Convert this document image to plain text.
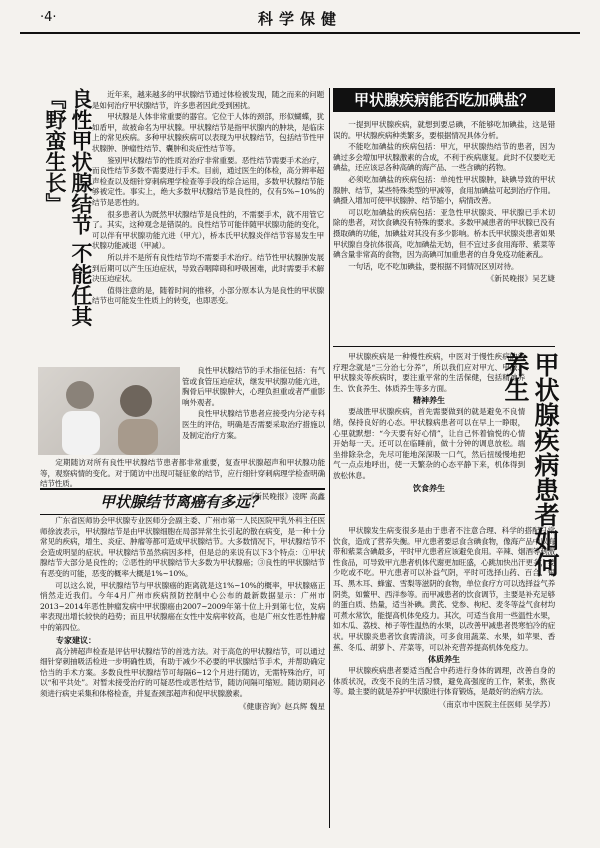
·4·	科学保健
良性甲状腺结节 不能任其『野蛮生长』	近年来，越来越多的甲状腺结节通过体检被发现，随之而来的问题是如何治疗甲状腺结节，许多患者因此受到困扰。

甲状腺是人体非常重要的器官。它位于人体的颈部，形似蝴蝶，犹如盾甲，故被命名为甲状腺。甲状腺结节是指甲状腺内的肿块，是临床上的常见疾病。多种甲状腺疾病可以表现为甲状腺结节，包括结节性甲状腺肿、肿瘤性结节、囊肿和炎症性结节等。

鉴别甲状腺结节的性质对治疗非常重要。恶性结节需要手术治疗，而良性结节多数不需要进行手术。目前，通过医生的体检，高分辨率超声检查以及细针穿刺病理学检查等手段的综合运用，多数甲状腺结节能够被定性。事实上，绝大多数甲状腺结节是良性的，仅有5%~10%的结节是恶性的。

很多患者认为既然甲状腺结节是良性的，不需要手术，就不用管它了。其实，这种观念是错误的。良性结节可能伴随甲状腺功能的变化，可以伴有甲状腺功能亢进（甲亢），桥本氏甲状腺炎伴结节容易发生甲状腺功能减退（甲减）。

所以并不是所有良性结节均不需要手术治疗。结节性甲状腺肿发展到后期可以产生压迫症状，导致吞咽障碍和呼吸困难，此时需要手术解决压迫症状。

值得注意的是，随着时间的推移，小部分原本认为是良性的甲状腺结节也可能发生性质上的转变，也即恶变。

良性甲状腺结节的手术指征包括：有气管或食管压迫症状，继发甲状腺功能亢进，胸骨后甲状腺肿大，心理负担重或者严重影响外观者。

良性甲状腺结节患者应接受内分泌专科医生的评估，明确是否需要采取治疗措施以及制定治疗方案。

定期随访对所有良性甲状腺结节患者都非常重要，复查甲状腺超声和甲状腺功能等，观察病情的变化。对于随访中出现可疑征象的结节，应行细针穿刺病理学检查明确结节性质。

《新民晚报》凌晖 高鑫

甲状腺疾病能否吃加碘盐？

一提到甲状腺疾病，就想到要忌碘，不能够吃加碘盐，这是错误的。甲状腺疾病种类繁多，要根据情况具体分析。

不能吃加碘盐的疾病包括：甲亢，甲状腺热结节的患者，因为碘过多会增加甲状腺激素的合成，不利于疾病康复。此时不仅要吃无碘盐，还应该忌各种高碘的海产品、一些含碘的药物。

必须吃加碘盐的疾病包括：单纯性甲状腺肿，缺碘导致的甲状腺肿、结节，某些特殊类型的甲减等，食用加碘盐可起到治疗作用。碘摄入增加可使甲状腺肿、结节缩小，病情改善。

可以吃加碘盐的疾病包括：亚急性甲状腺炎、甲状腺已手术切除的患者，对饮食碘没有特殊的要求。多数甲减患者的甲状腺已没有摄取碘的功能，加碘盐对其没有多少影响。桥本氏甲状腺炎患者如果甲状腺自身抗体很高，吃加碘盐无妨，但不宜过多食用海带、紫菜等碘含量非常高的食物，因为高碘可加重患者的自身免疫功能紊乱。

一句话，吃不吃加碘盐，要根据不同情况区别对待。

《新民晚报》吴艺婕

甲状腺结节离癌有多远？

广东省医师协会甲状腺专业医师分会副主委、广州市第一人民医院甲乳外科主任医师徐波表示，甲状腺结节是由甲状腺细胞在局部异常生长引起的散在病变，是一种十分常见的疾病，增生、炎症、肿瘤等都可造成甲状腺结节。大多数情况下，甲状腺结节不会造成明显的症状。甲状腺结节虽然病因多样，但是总的来说有以下3个特点：①甲状腺结节大部分是良性的；②恶性的甲状腺结节大多数为甲状腺癌；③良性的甲状腺结节有恶变的可能，恶变的概率大概是1%~10%。

可以这么说，甲状腺结节与甲状腺癌的距离就是这1%~10%的概率，甲状腺癌正悄然走近我们。今年4月广州市疾病预防控制中心公布的最新数据显示：广州市2013~2014年恶性肿瘤发病中甲状腺癌由2007~2009年第十位上升到第七位，发病率表现出增长较快的趋势；而且甲状腺癌在女性中发病率较高，也是广州女性恶性肿瘤中的第四位。

专家建议：

高分辨超声检查是评估甲状腺结节的首选方法。对于高危的甲状腺结节，可以通过细针穿刺抽吸活检进一步明确性质，有助于减少不必要的甲状腺结节手术，并帮助确定恰当的手术方案。多数良性甲状腺结节可每隔6~12个月进行随访，无需特殊治疗，可以“和平共处”。对暂未接受治疗的可疑恶性或恶性结节，随访间隔可缩短。随访期间必须进行病史采集和体格检查，并复查颈部超声和促甲状腺激素。

《健康咨询》赵兵辉 魏星

甲状腺疾病患者如何养生

甲状腺疾病是一种慢性疾病，中医对于慢性疾病的治疗理念就是“三分治七分养”，所以我们应对甲亢、甲减、甲状腺炎等疾病时，要注重平常的生活保健，包括精神养生、饮食养生、体质养生等多方面。

精神养生

要战胜甲状腺疾病，首先需要做到的就是避免不良情绪，保持良好的心态。甲状腺病患者可以在早上一睁眼，心里就默想：“今天要有好心情”，让自己怀着愉悦的心情开始每一天。还可以在临睡前，做十分钟的调息放松。端坐排除杂念，先尽可能地深深吸一口气，然后扭缓慢地把气一点点地呼出，使一天繁杂的心态平静下来，机体得到放松休息。

饮食养生

甲状腺发生病变很多是由于患者不注意合理、科学的搭配日常饮食，造成了营养失衡。甲亢患者要忌食含碘食物，像海产品中以海带和紫菜含碘最多，平时甲亢患者应该避免食用。辛辣、烟酒等刺激性食品，可导致甲亢患者机体代谢更加旺盛，心跳加快出汗更多，要少吃或不吃。甲亢患者可以补益气阴，平时可选择山药、百合、银耳、黑木耳、蜂蜜、雪梨等滋阴的食物，单位食疗方可以选择益气养阴类，如鳖甲、西洋参等。而甲减患者的饮食调节，主要是补充足够的蛋白质、热量，适当补碘。黄芪、党参、枸杞、麦冬等益气食材均可煮水常饮，能提高机体免疫力。其次，可适当食用一些温性水果，如木瓜、荔枝、柿子等性温热的水果，以改善甲减患者畏寒怕冷的症状。甲状腺炎患者饮食需清淡，可多食用蔬菜、水果，如苹果、香蕉、冬瓜、胡萝卜、芹菜等，可以补充营养提高机体免疫力。

体质养生

甲状腺疾病患者要适当配合中药进行身体的调理，改善自身的体质状况，改变不良的生活习惯，避免高强度的工作，紧张，熬夜等。最主要的就是养护甲状腺进行体育锻炼，是最好的治病方法。

（南京市中医院主任医师 吴学苏）
